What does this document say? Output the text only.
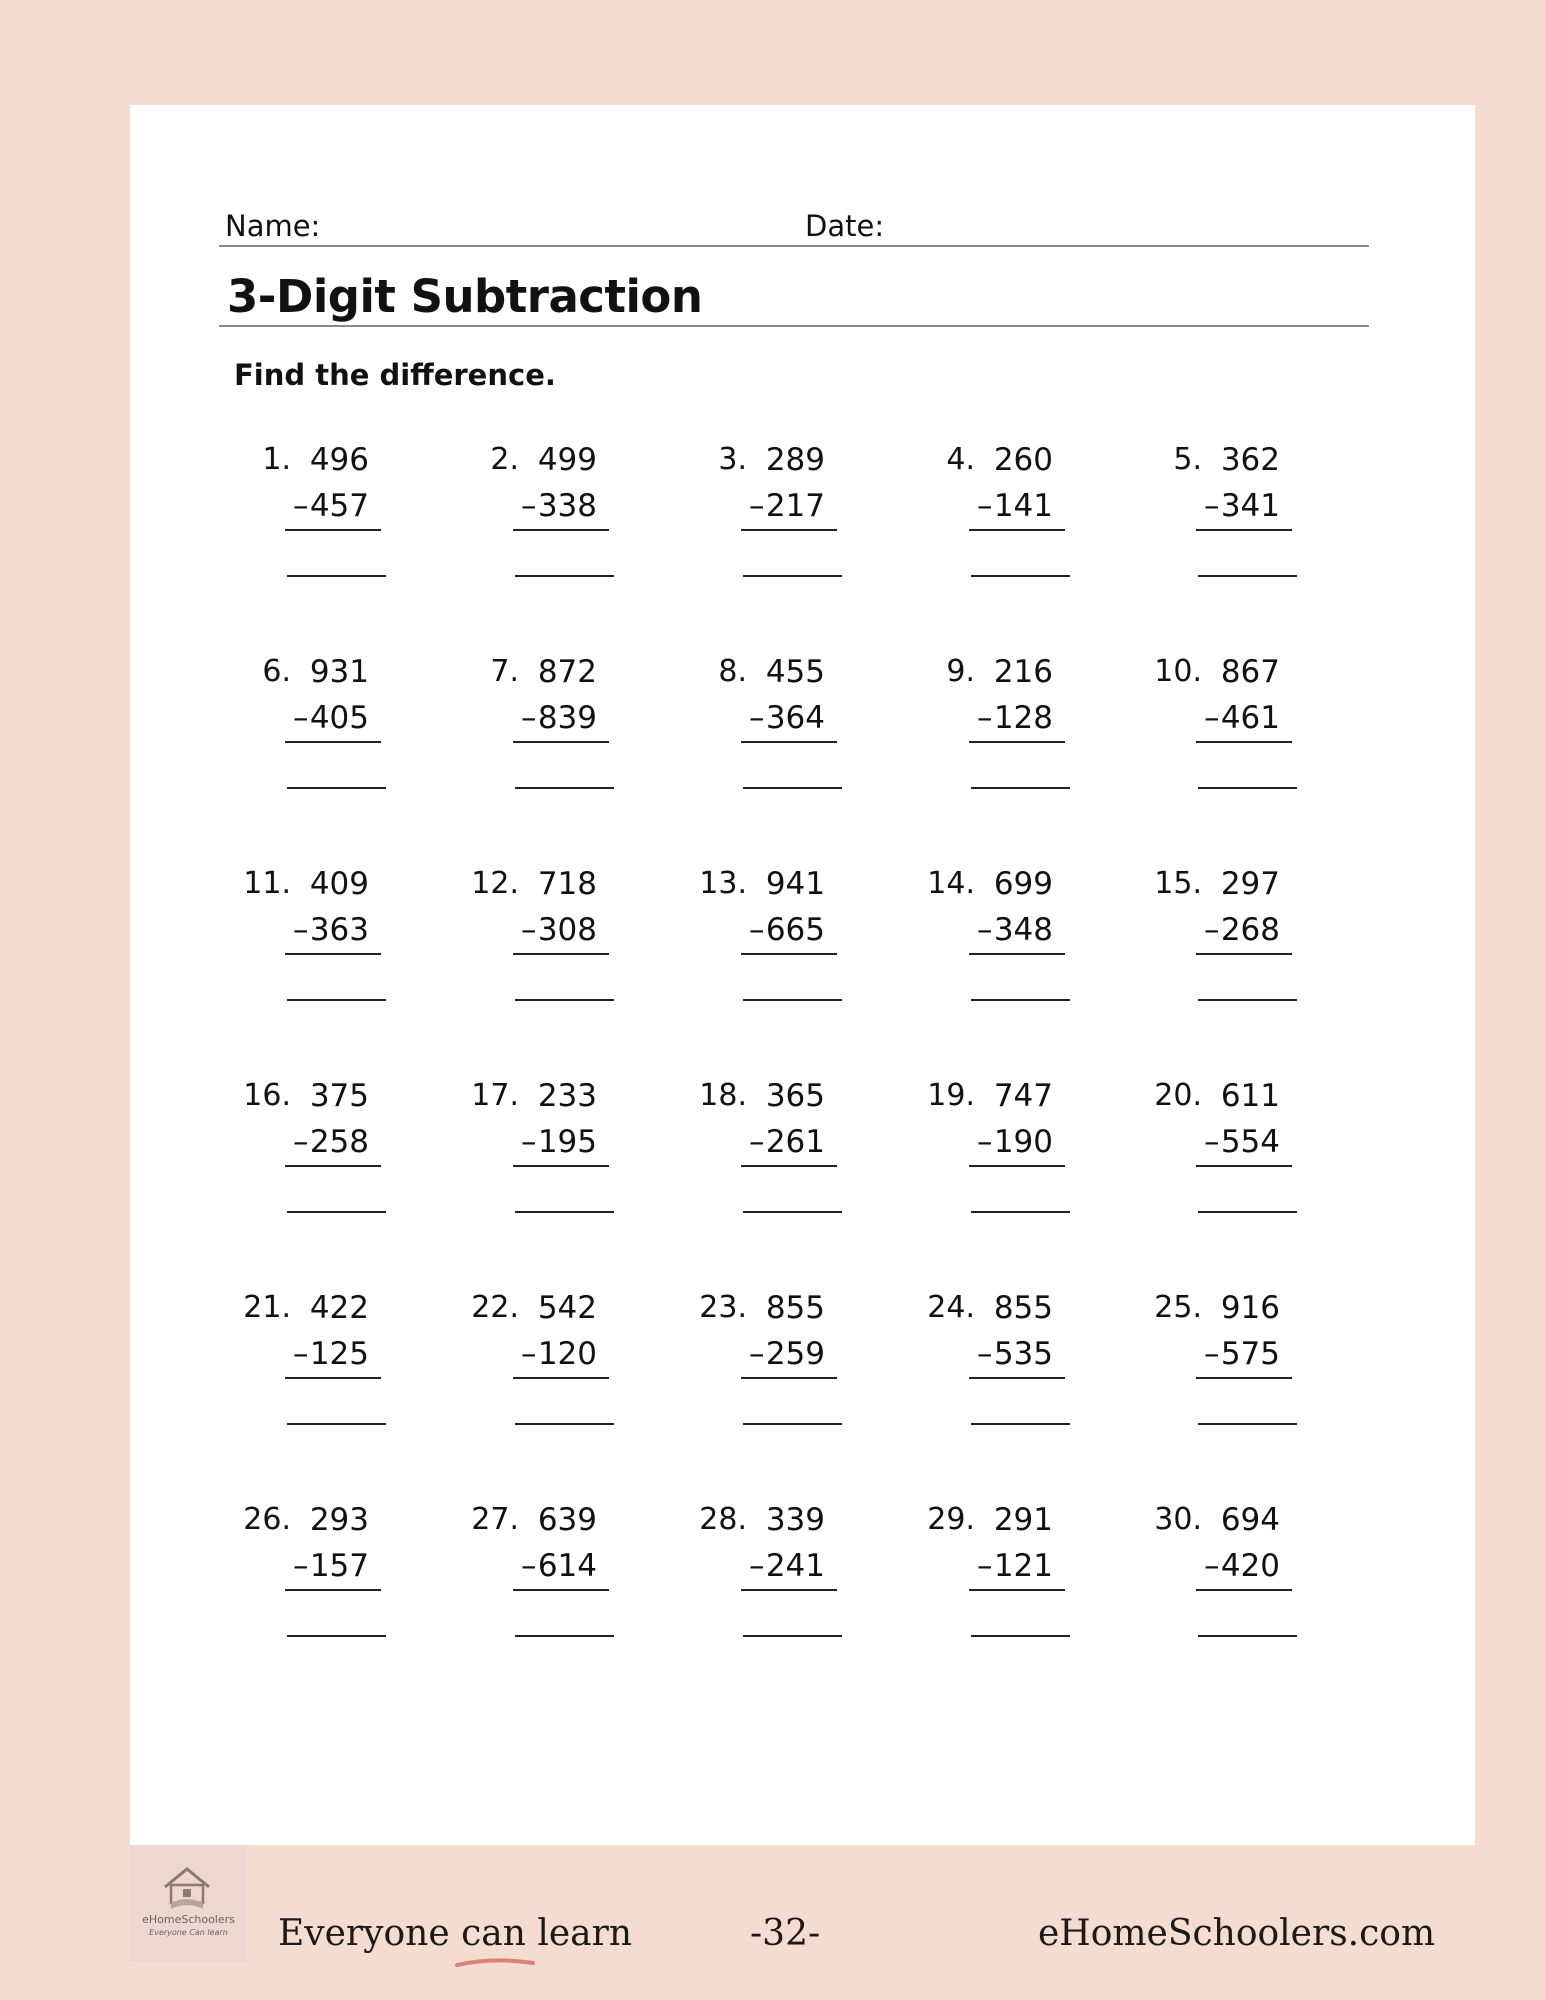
Name:	Date:
3-Digit Subtraction
Find the difference.
1. 496
– 457
2. 499
– 338
3. 289
– 217
4. 260
– 141
5. 362
– 341
6. 931
– 405
7. 872
– 839
8. 455
– 364
9. 216
– 128
10. 867
– 461
11. 409
– 363
12. 718
– 308
13. 941
– 665
14. 699
– 348
15. 297
– 268
16. 375
– 258
17. 233
– 195
18. 365
– 261
19. 747
– 190
20. 611
– 554
21. 422
– 125
22. 542
– 120
23. 855
– 259
24. 855
– 535
25. 916
– 575
26. 293
– 157
27. 639
– 614
28. 339
– 241
29. 291
– 121
30. 694
– 420
eHomeSchoolers
Everyone Can learn	Everyone can learn	-32-	eHomeSchoolers.com
